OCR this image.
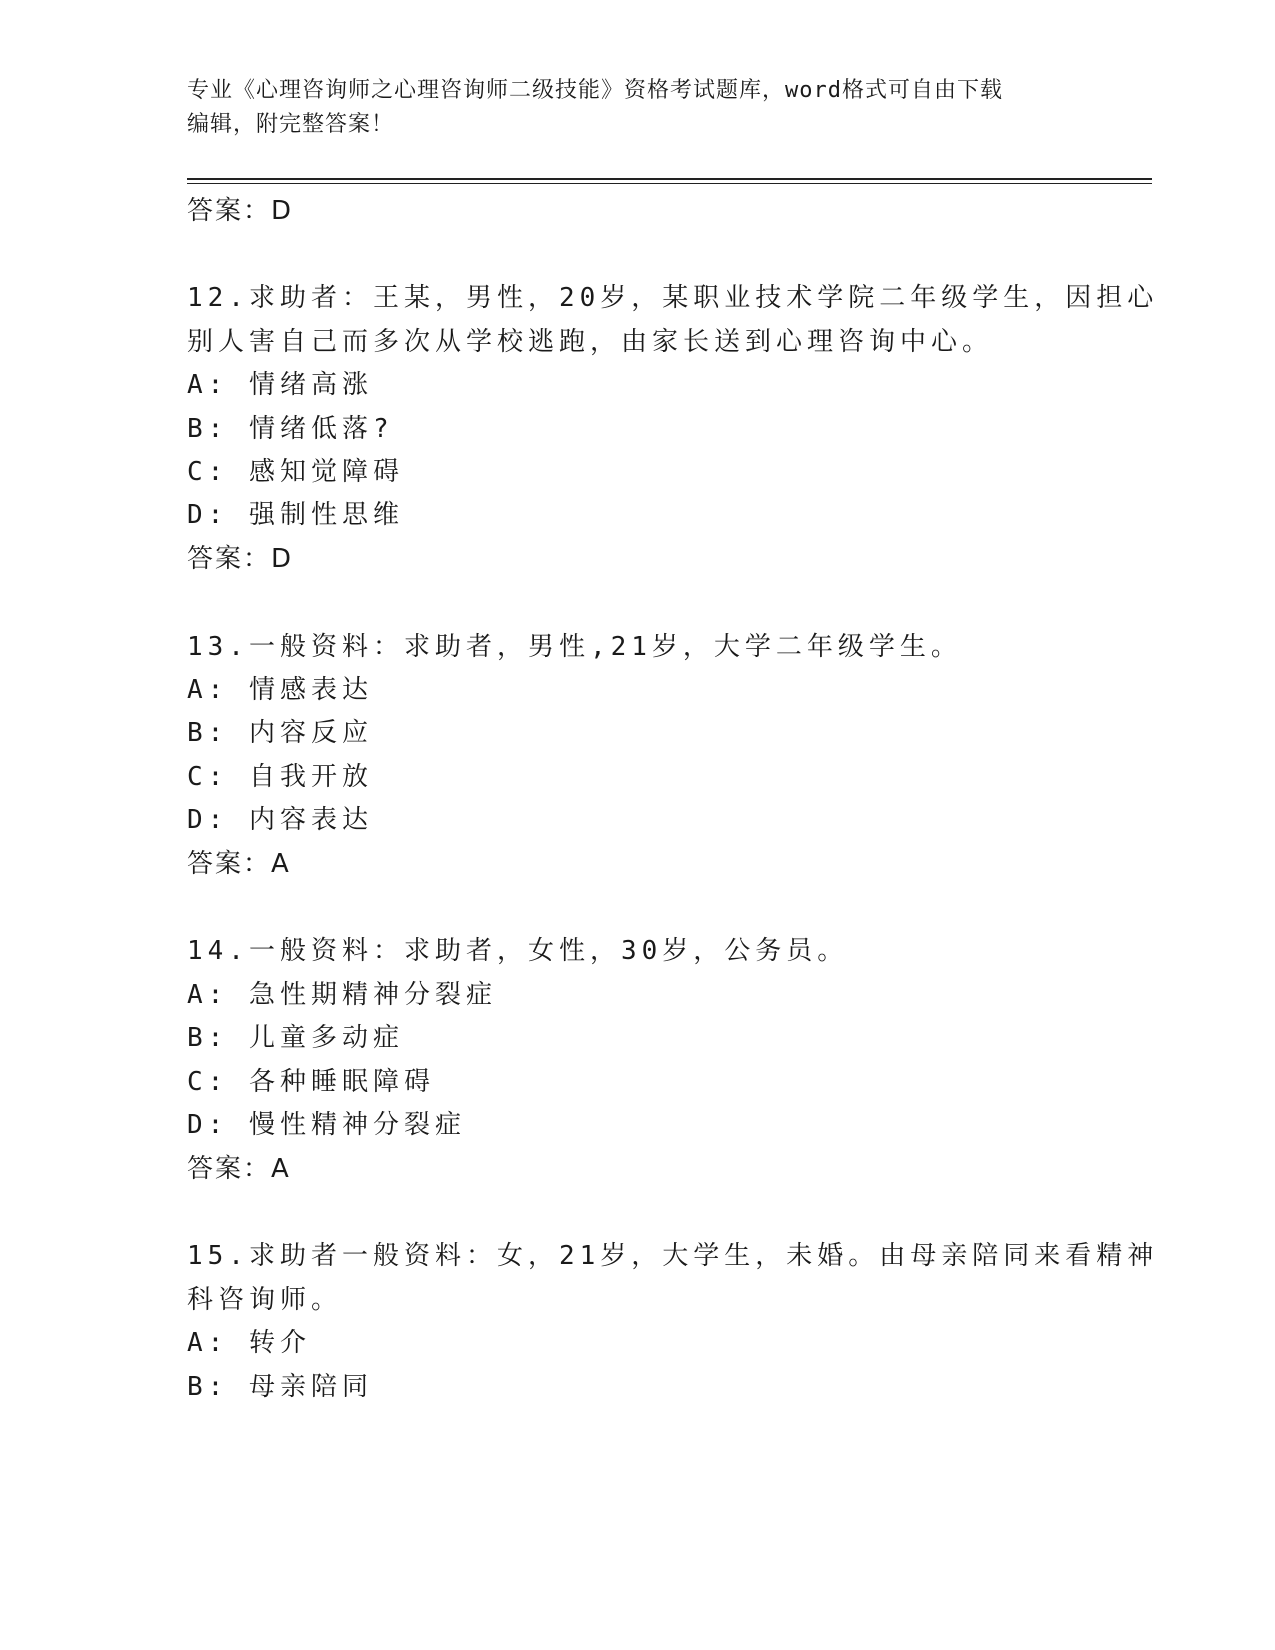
专业《心理咨询师之心理咨询师二级技能》资格考试题库，word格式可自由下载
编辑，附完整答案！
答案：D
12.求助者：王某，男性，20岁，某职业技术学院二年级学生，因担心
别人害自己而多次从学校逃跑，由家长送到心理咨询中心。
A: 情绪高涨
B: 情绪低落?
C: 感知觉障碍
D: 强制性思维
答案：D
13.一般资料：求助者，男性,21岁，大学二年级学生。
A: 情感表达
B: 内容反应
C: 自我开放
D: 内容表达
答案：A
14.一般资料：求助者，女性，30岁，公务员。
A: 急性期精神分裂症
B: 儿童多动症
C: 各种睡眠障碍
D: 慢性精神分裂症
答案：A
15.求助者一般资料：女，21岁，大学生，未婚。由母亲陪同来看精神
科咨询师。
A: 转介
B: 母亲陪同
